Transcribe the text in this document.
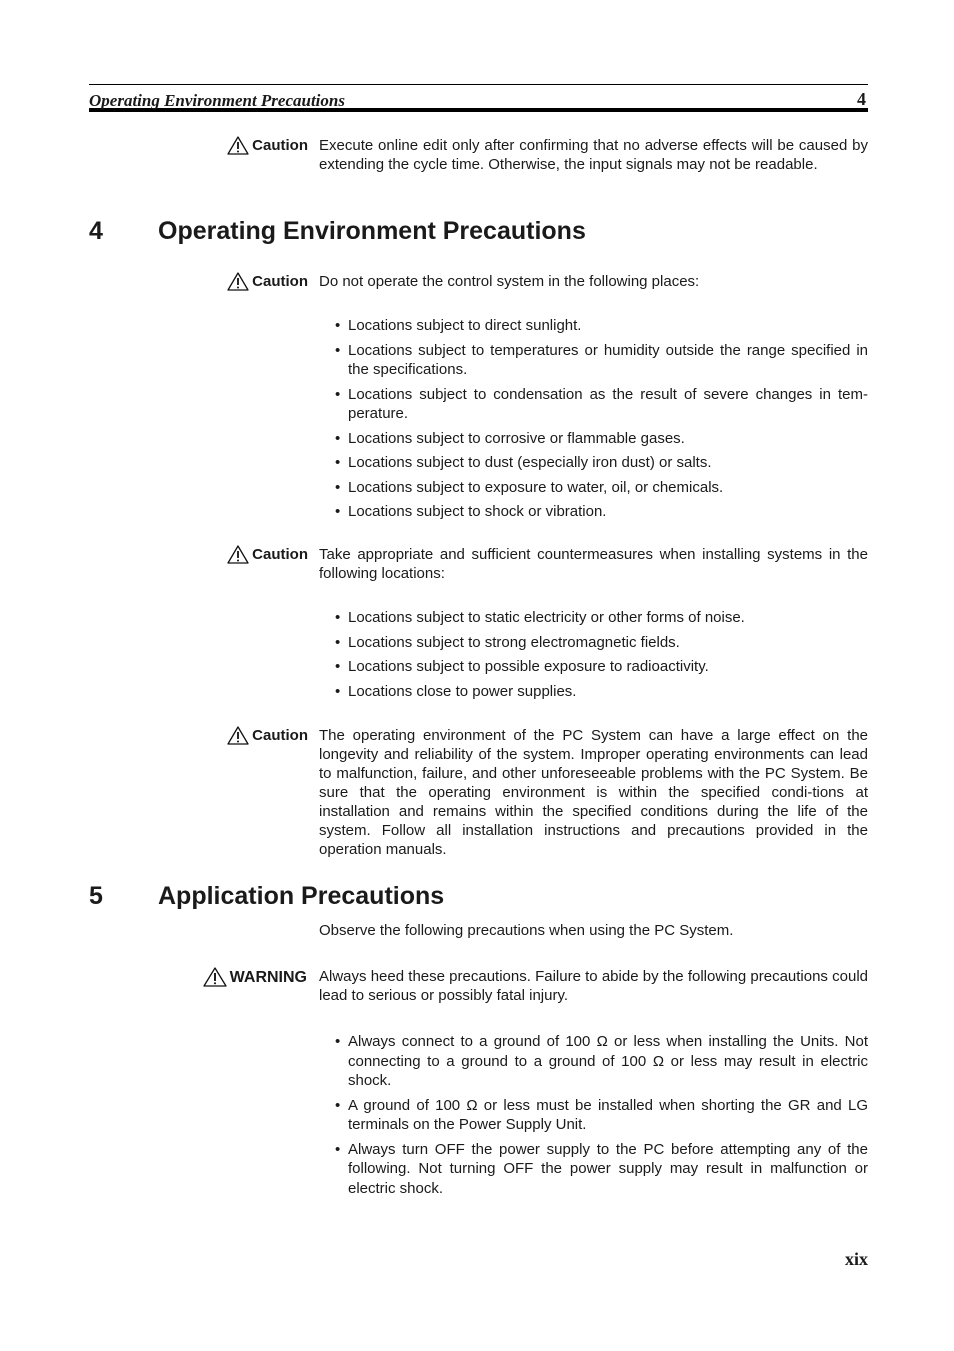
Operating Environment Precautions	4
Caution Execute online edit only after confirming that no adverse effects will be caused by extending the cycle time. Otherwise, the input signals may not be readable.
4 Operating Environment Precautions
Caution Do not operate the control system in the following places:
• Locations subject to direct sunlight.
• Locations subject to temperatures or humidity outside the range specified in the specifications.
• Locations subject to condensation as the result of severe changes in tem-perature.
• Locations subject to corrosive or flammable gases.
• Locations subject to dust (especially iron dust) or salts.
• Locations subject to exposure to water, oil, or chemicals.
• Locations subject to shock or vibration.
Caution Take appropriate and sufficient countermeasures when installing systems in the following locations:
• Locations subject to static electricity or other forms of noise.
• Locations subject to strong electromagnetic fields.
• Locations subject to possible exposure to radioactivity.
• Locations close to power supplies.
Caution The operating environment of the PC System can have a large effect on the longevity and reliability of the system. Improper operating environments can lead to malfunction, failure, and other unforeseeable problems with the PC System. Be sure that the operating environment is within the specified condi-tions at installation and remains within the specified conditions during the life of the system. Follow all installation instructions and precautions provided in the operation manuals.
5 Application Precautions
Observe the following precautions when using the PC System.
WARNING Always heed these precautions. Failure to abide by the following precautions could lead to serious or possibly fatal injury.
• Always connect to a ground of 100 Ω or less when installing the Units. Not connecting to a ground to a ground of 100 Ω or less may result in electric shock.
• A ground of 100 Ω or less must be installed when shorting the GR and LG terminals on the Power Supply Unit.
• Always turn OFF the power supply to the PC before attempting any of the following. Not turning OFF the power supply may result in malfunction or electric shock.
xix
